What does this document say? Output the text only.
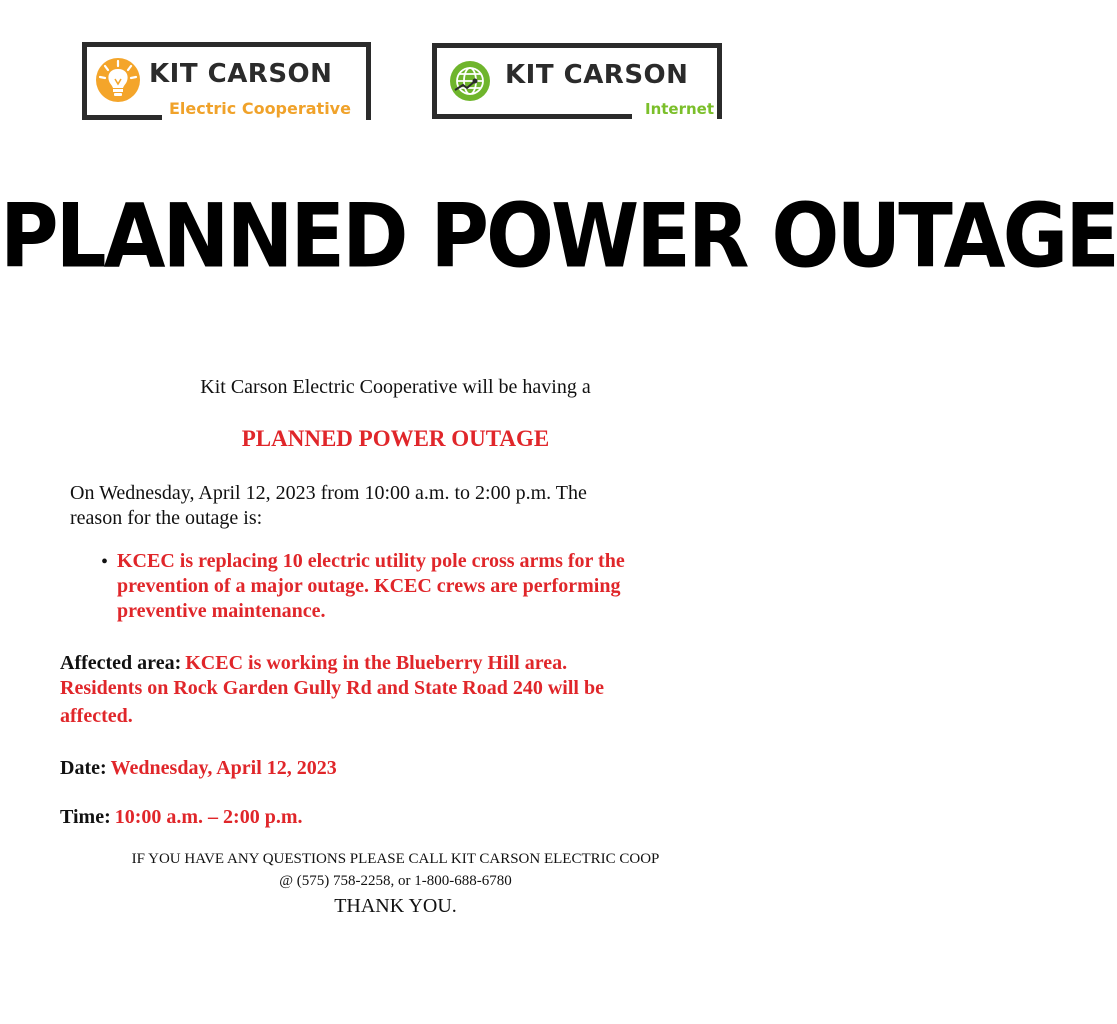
KIT CARSON
Electric Cooperative
KIT CARSON
Internet
PLANNED POWER OUTAGE
Kit Carson Electric Cooperative will be having a
PLANNED POWER OUTAGE
On Wednesday, April 12, 2023 from 10:00 a.m. to 2:00 p.m. The
reason for the outage is:
• KCEC is replacing 10 electric utility pole cross arms for the
prevention of a major outage. KCEC crews are performing
preventive maintenance.
Affected area: KCEC is working in the Blueberry Hill area.
Residents on Rock Garden Gully Rd and State Road 240 will be
affected.
Date: Wednesday, April 12, 2023
Time: 10:00 a.m. – 2:00 p.m.
IF YOU HAVE ANY QUESTIONS PLEASE CALL KIT CARSON ELECTRIC COOP
@ (575) 758-2258, or 1-800-688-6780
THANK YOU.
